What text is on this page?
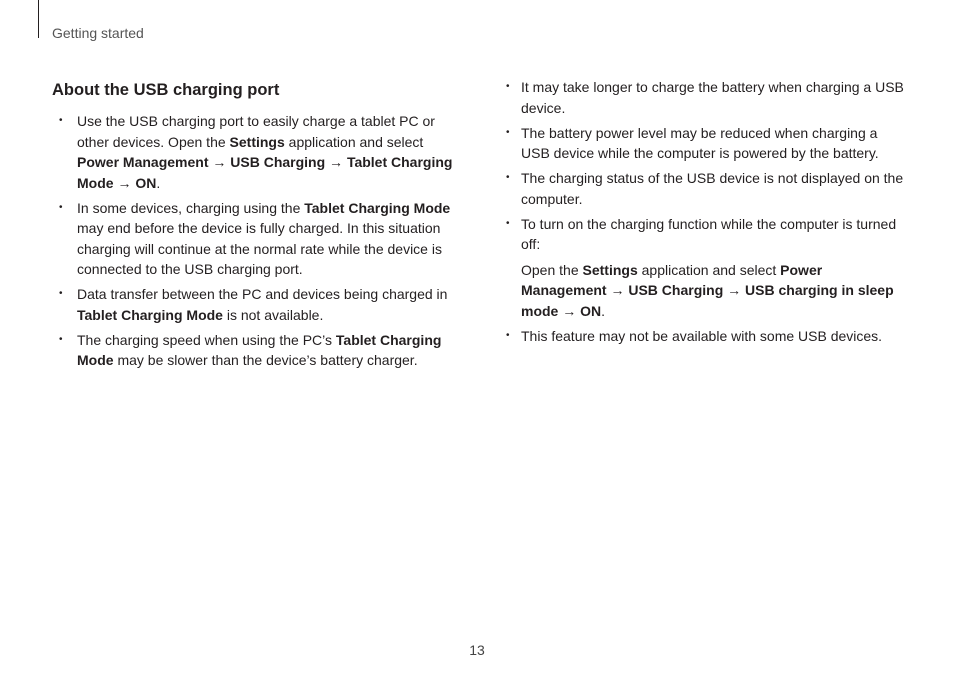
Getting started
About the USB charging port
• Use the USB charging port to easily charge a tablet PC or other devices. Open the Settings application and select Power Management → USB Charging → Tablet Charging Mode → ON.
• In some devices, charging using the Tablet Charging Mode may end before the device is fully charged. In this situation charging will continue at the normal rate while the device is connected to the USB charging port.
• Data transfer between the PC and devices being charged in Tablet Charging Mode is not available.
• The charging speed when using the PC’s Tablet Charging Mode may be slower than the device’s battery charger.
• It may take longer to charge the battery when charging a USB device.
• The battery power level may be reduced when charging a USB device while the computer is powered by the battery.
• The charging status of the USB device is not displayed on the computer.
• To turn on the charging function while the computer is turned off:

Open the Settings application and select Power Management → USB Charging → USB charging in sleep mode → ON.

• This feature may not be available with some USB devices.
13
